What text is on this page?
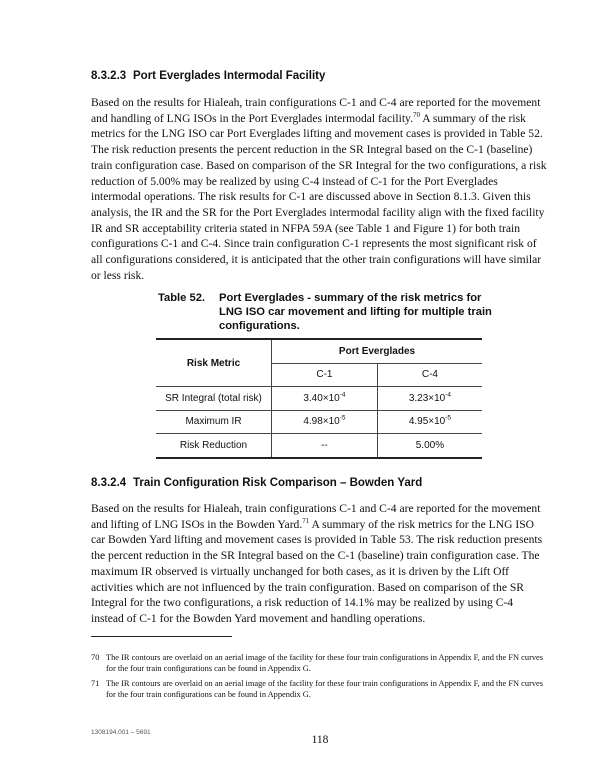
8.3.2.3 Port Everglades Intermodal Facility

Based on the results for Hialeah, train configurations C-1 and C-4 are reported for the movement and handling of LNG ISOs in the Port Everglades intermodal facility.$^{70}$ A summary of the risk metrics for the LNG ISO car Port Everglades lifting and movement cases is provided in Table 52. The risk reduction presents the percent reduction in the SR Integral based on the C-1 (baseline) train configuration case. Based on comparison of the SR Integral for the two configurations, a risk reduction of 5.00% may be realized by using C-4 instead of C-1 for the Port Everglades intermodal operations. The risk results for C-1 are discussed above in Section 8.1.3. Given this analysis, the IR and the SR for the Port Everglades intermodal facility align with the fixed facility IR and SR acceptability criteria stated in NFPA 59A (see Table 1 and Figure 1) for both train configurations C-1 and C-4. Since train configuration C-1 represents the most significant risk of all configurations considered, it is anticipated that the other train configurations will have similar or less risk.

Table 52. Port Everglades - summary of the risk metrics for LNG ISO car movement and lifting for multiple train configurations.
Risk Metric	Port Everglades	
	C-1	C-4
SR Integral (total risk)	$3.40\times 10^{-4}$	$3.23\times 10^{-4}$
Maximum IR	$4.98\times 10^{-5}$	$4.95\times 10^{-5}$
Risk Reduction	--	5.00%
8.3.2.4 Train Configuration Risk Comparison – Bowden Yard

Based on the results for Hialeah, train configurations C-1 and C-4 are reported for the movement and lifting of LNG ISOs in the Bowden Yard.$^{71}$ A summary of the risk metrics for the LNG ISO car Bowden Yard lifting and movement cases is provided in Table 53. The risk reduction presents the percent reduction in the SR Integral based on the C-1 (baseline) train configuration case. The maximum IR observed is virtually unchanged for both cases, as it is driven by the Lift Off activities which are not influenced by the train configuration. Based on comparison of the SR Integral for the two configurations, a risk reduction of 14.1% may be realized by using C-4 instead of C-1 for the Bowden Yard movement and handling operations.

70 The IR contours are overlaid on an aerial image of the facility for these four train configurations in Appendix F, and the FN curves for the four train configurations can be found in Appendix G.
71 The IR contours are overlaid on an aerial image of the facility for these four train configurations in Appendix F, and the FN curves for the four train configurations can be found in Appendix G.
1308194.001 – 5691
118
